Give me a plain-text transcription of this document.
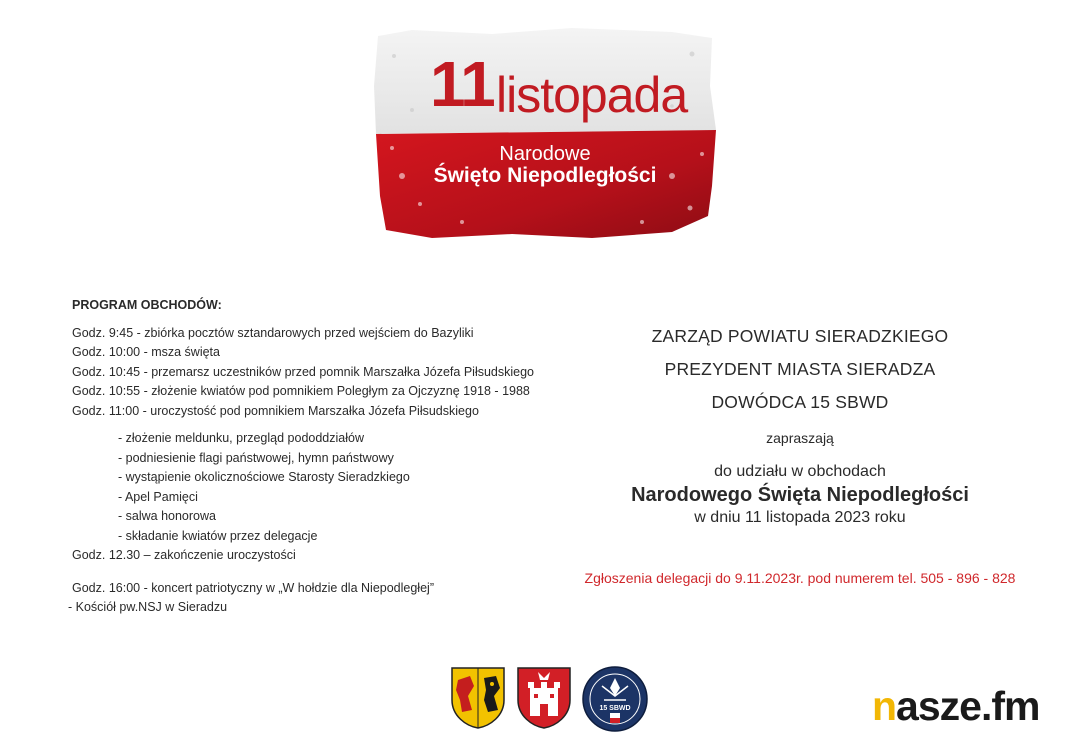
11 listopada
Narodowe
Święto Niepodległości
PROGRAM OBCHODÓW:
Godz. 9:45 - zbiórka pocztów sztandarowych przed wejściem do Bazyliki
Godz. 10:00 - msza święta
Godz. 10:45 - przemarsz uczestników przed pomnik Marszałka Józefa Piłsudskiego
Godz. 10:55 - złożenie kwiatów pod pomnikiem Poległym za Ojczyznę 1918 - 1988
Godz. 11:00 - uroczystość pod pomnikiem Marszałka Józefa Piłsudskiego
- złożenie meldunku, przegląd pododdziałów
- podniesienie flagi państwowej, hymn państwowy
- wystąpienie okolicznościowe Starosty Sieradzkiego
- Apel Pamięci
- salwa honorowa
- składanie kwiatów przez delegacje
Godz. 12.30 – zakończenie uroczystości
Godz. 16:00 - koncert patriotyczny w „W hołdzie dla Niepodległej”
- Kościół pw.NSJ w Sieradzu
ZARZĄD POWIATU SIERADZKIEGO
PREZYDENT MIASTA SIERADZA
DOWÓDCA 15 SBWD
zapraszają
do udziału w obchodach
Narodowego Święta Niepodległości
w dniu 11 listopada 2023 roku
Zgłoszenia delegacji do 9.11.2023r. pod numerem tel. 505 - 896 - 828
15 SBWD	nasze.fm
